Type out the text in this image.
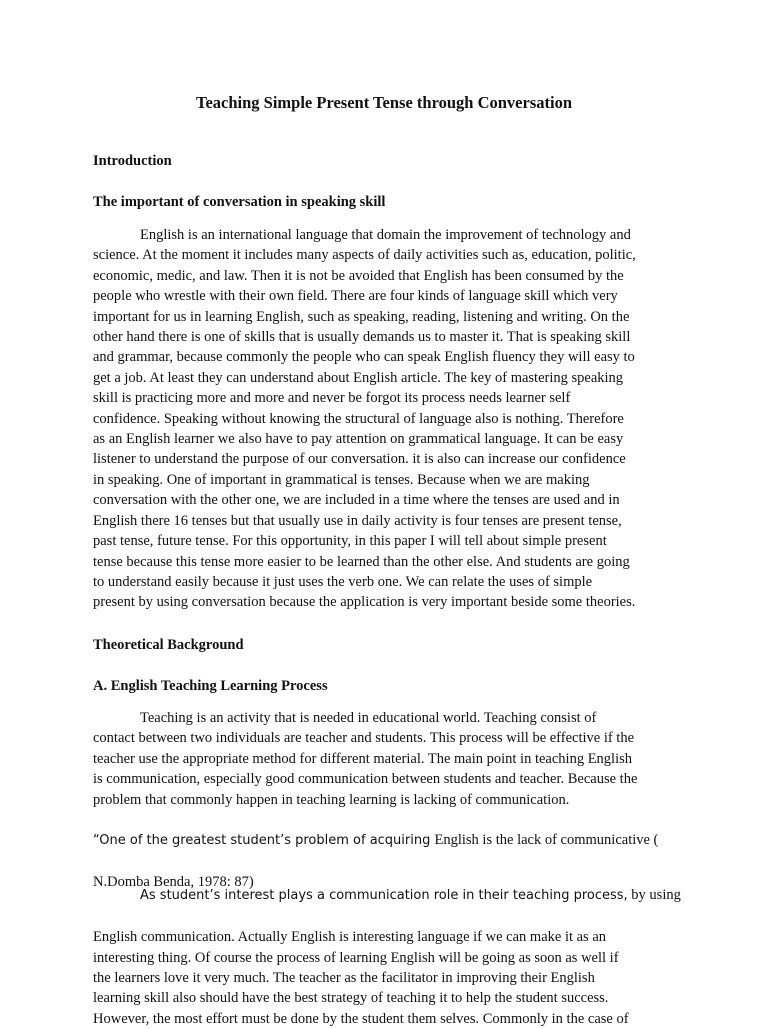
Teaching Simple Present Tense through Conversation
Introduction
The important of conversation in speaking skill
English is an international language that domain the improvement of technology and
science. At the moment it includes many aspects of daily activities such as, education, politic,
economic, medic, and law. Then it is not be avoided that English has been consumed by the
people who wrestle with their own field. There are four kinds of language skill which very
important for us in learning English, such as speaking, reading, listening and writing. On the
other hand there is one of skills that is usually demands us to master it. That is speaking skill
and grammar, because commonly the people who can speak English fluency they will easy to
get a job. At least they can understand about English article. The key of mastering speaking
skill is practicing more and more and never be forgot its process needs learner self
confidence. Speaking without knowing the structural of language also is nothing. Therefore
as an English learner we also have to pay attention on grammatical language. It can be easy
listener to understand the purpose of our conversation. it is also can increase our confidence
in speaking. One of important in grammatical is tenses. Because when we are making
conversation with the other one, we are included in a time where the tenses are used and in
English there 16 tenses but that usually use in daily activity is four tenses are present tense,
past tense, future tense. For this opportunity, in this paper I will tell about simple present
tense because this tense more easier to be learned than the other else. And students are going
to understand easily because it just uses the verb one. We can relate the uses of simple
present by using conversation because the application is very important beside some theories.
Theoretical Background
A. English Teaching Learning Process
Teaching is an activity that is needed in educational world. Teaching consist of
contact between two individuals are teacher and students. This process will be effective if the
teacher use the appropriate method for different material. The main point in teaching English
is communication, especially good communication between students and teacher. Because the
problem that commonly happen in teaching learning is lacking of communication.

“One of the greatest student’s problem of acquiring English is the lack of communicative (

N.Domba Benda, 1978: 87)

As student’s interest plays a communication role in their teaching process, by using

English communication. Actually English is interesting language if we can make it as an
interesting thing. Of course the process of learning English will be going as soon as well if
the learners love it very much. The teacher as the facilitator in improving their English
learning skill also should have the best strategy of teaching it to help the student success.
However, the most effort must be done by the student them selves. Commonly in the case of
